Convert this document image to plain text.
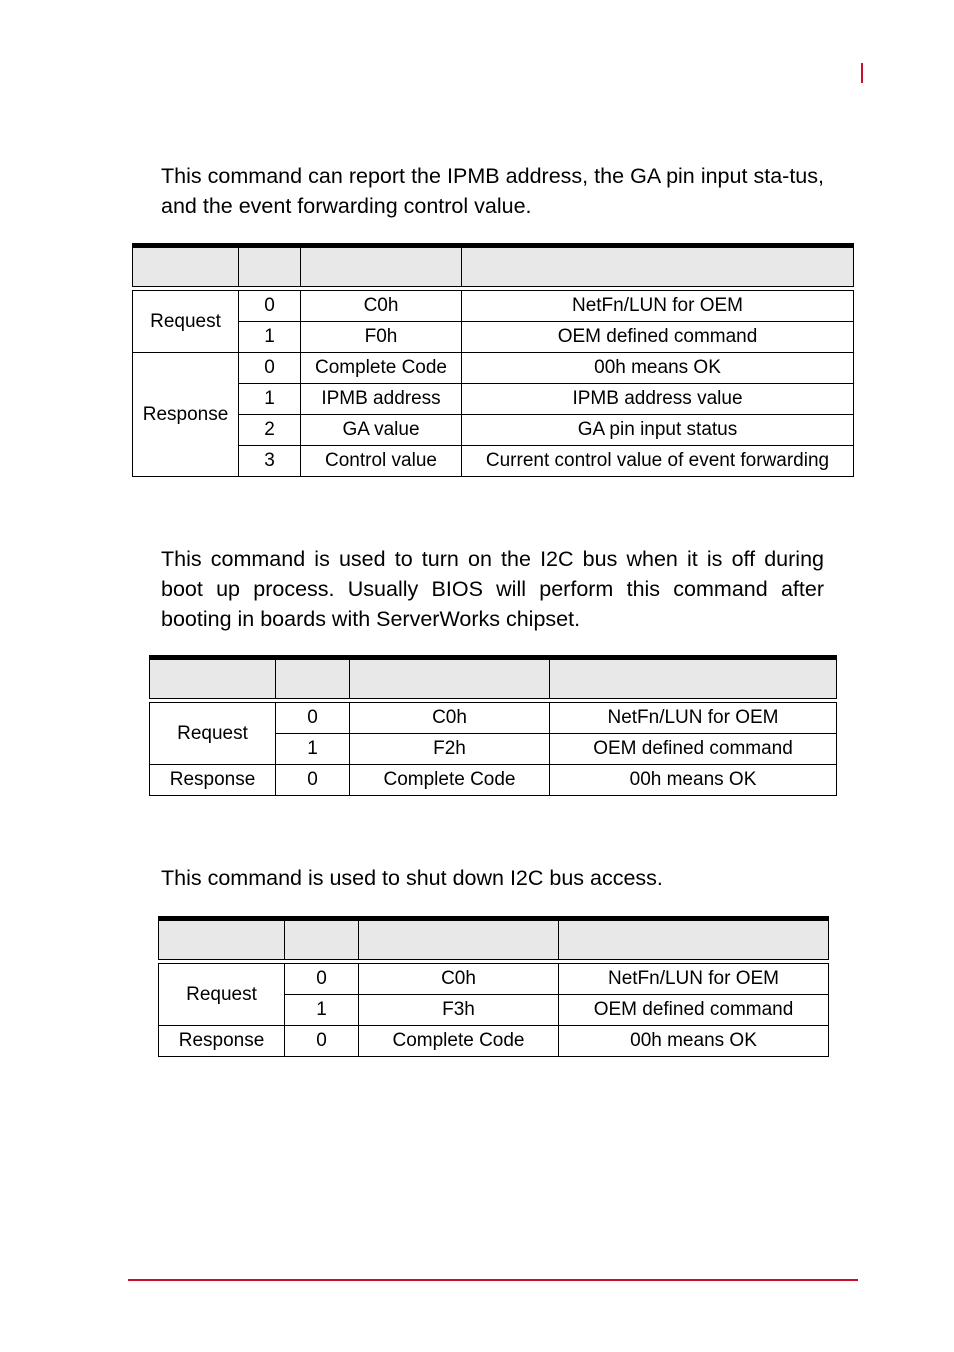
This command can report the IPMB address, the GA pin input sta-tus, and the event forwarding control value.

Request	0	C0h	NetFn/LUN for OEM
	1	F0h	OEM defined command
Response	0	Complete Code	00h means OK
	1	IPMB address	IPMB address value
	2	GA value	GA pin input status
	3	Control value	Current control value of event forwarding

This command is used to turn on the I2C bus when it is off during boot up process. Usually BIOS will perform this command after booting in boards with ServerWorks chipset.

Request	0	C0h	NetFn/LUN for OEM
	1	F2h	OEM defined command
Response	0	Complete Code	00h means OK

This command is used to shut down I2C bus access.

Request	0	C0h	NetFn/LUN for OEM
	1	F3h	OEM defined command
Response	0	Complete Code	00h means OK
